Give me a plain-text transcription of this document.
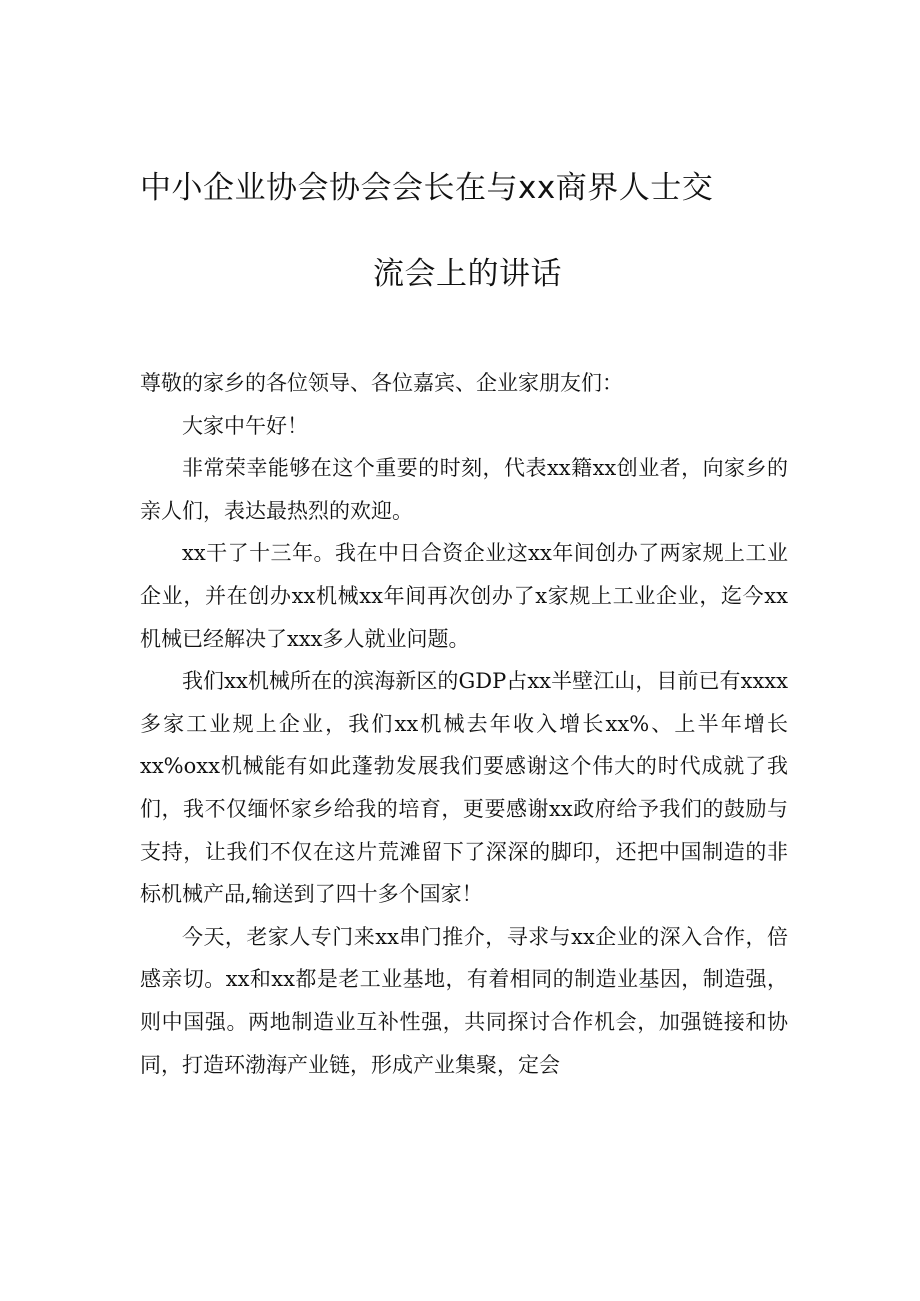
中小企业协会协会会长在与xx商界人士交
流会上的讲话

尊敬的家乡的各位领导、各位嘉宾、企业家朋友们：

大家中午好！

非常荣幸能够在这个重要的时刻，代表xx籍xx创业者，向家乡的亲人们，表达最热烈的欢迎。

xx干了十三年。我在中日合资企业这xx年间创办了两家规上工业企业，并在创办xx机械xx年间再次创办了x家规上工业企业，迄今xx机械已经解决了xxx多人就业问题。

我们xx机械所在的滨海新区的GDP占xx半壁江山，目前已有xxxx多家工业规上企业，我们xx机械去年收入增长xx%、上半年增长xx%oxx机械能有如此蓬勃发展我们要感谢这个伟大的时代成就了我们，我不仅缅怀家乡给我的培育，更要感谢xx政府给予我们的鼓励与支持，让我们不仅在这片荒滩留下了深深的脚印，还把中国制造的非标机械产品,输送到了四十多个国家！

今天，老家人专门来xx串门推介，寻求与xx企业的深入合作，倍感亲切。xx和xx都是老工业基地，有着相同的制造业基因，制造强，则中国强。两地制造业互补性强，共同探讨合作机会，加强链接和协同，打造环渤海产业链，形成产业集聚，定会
